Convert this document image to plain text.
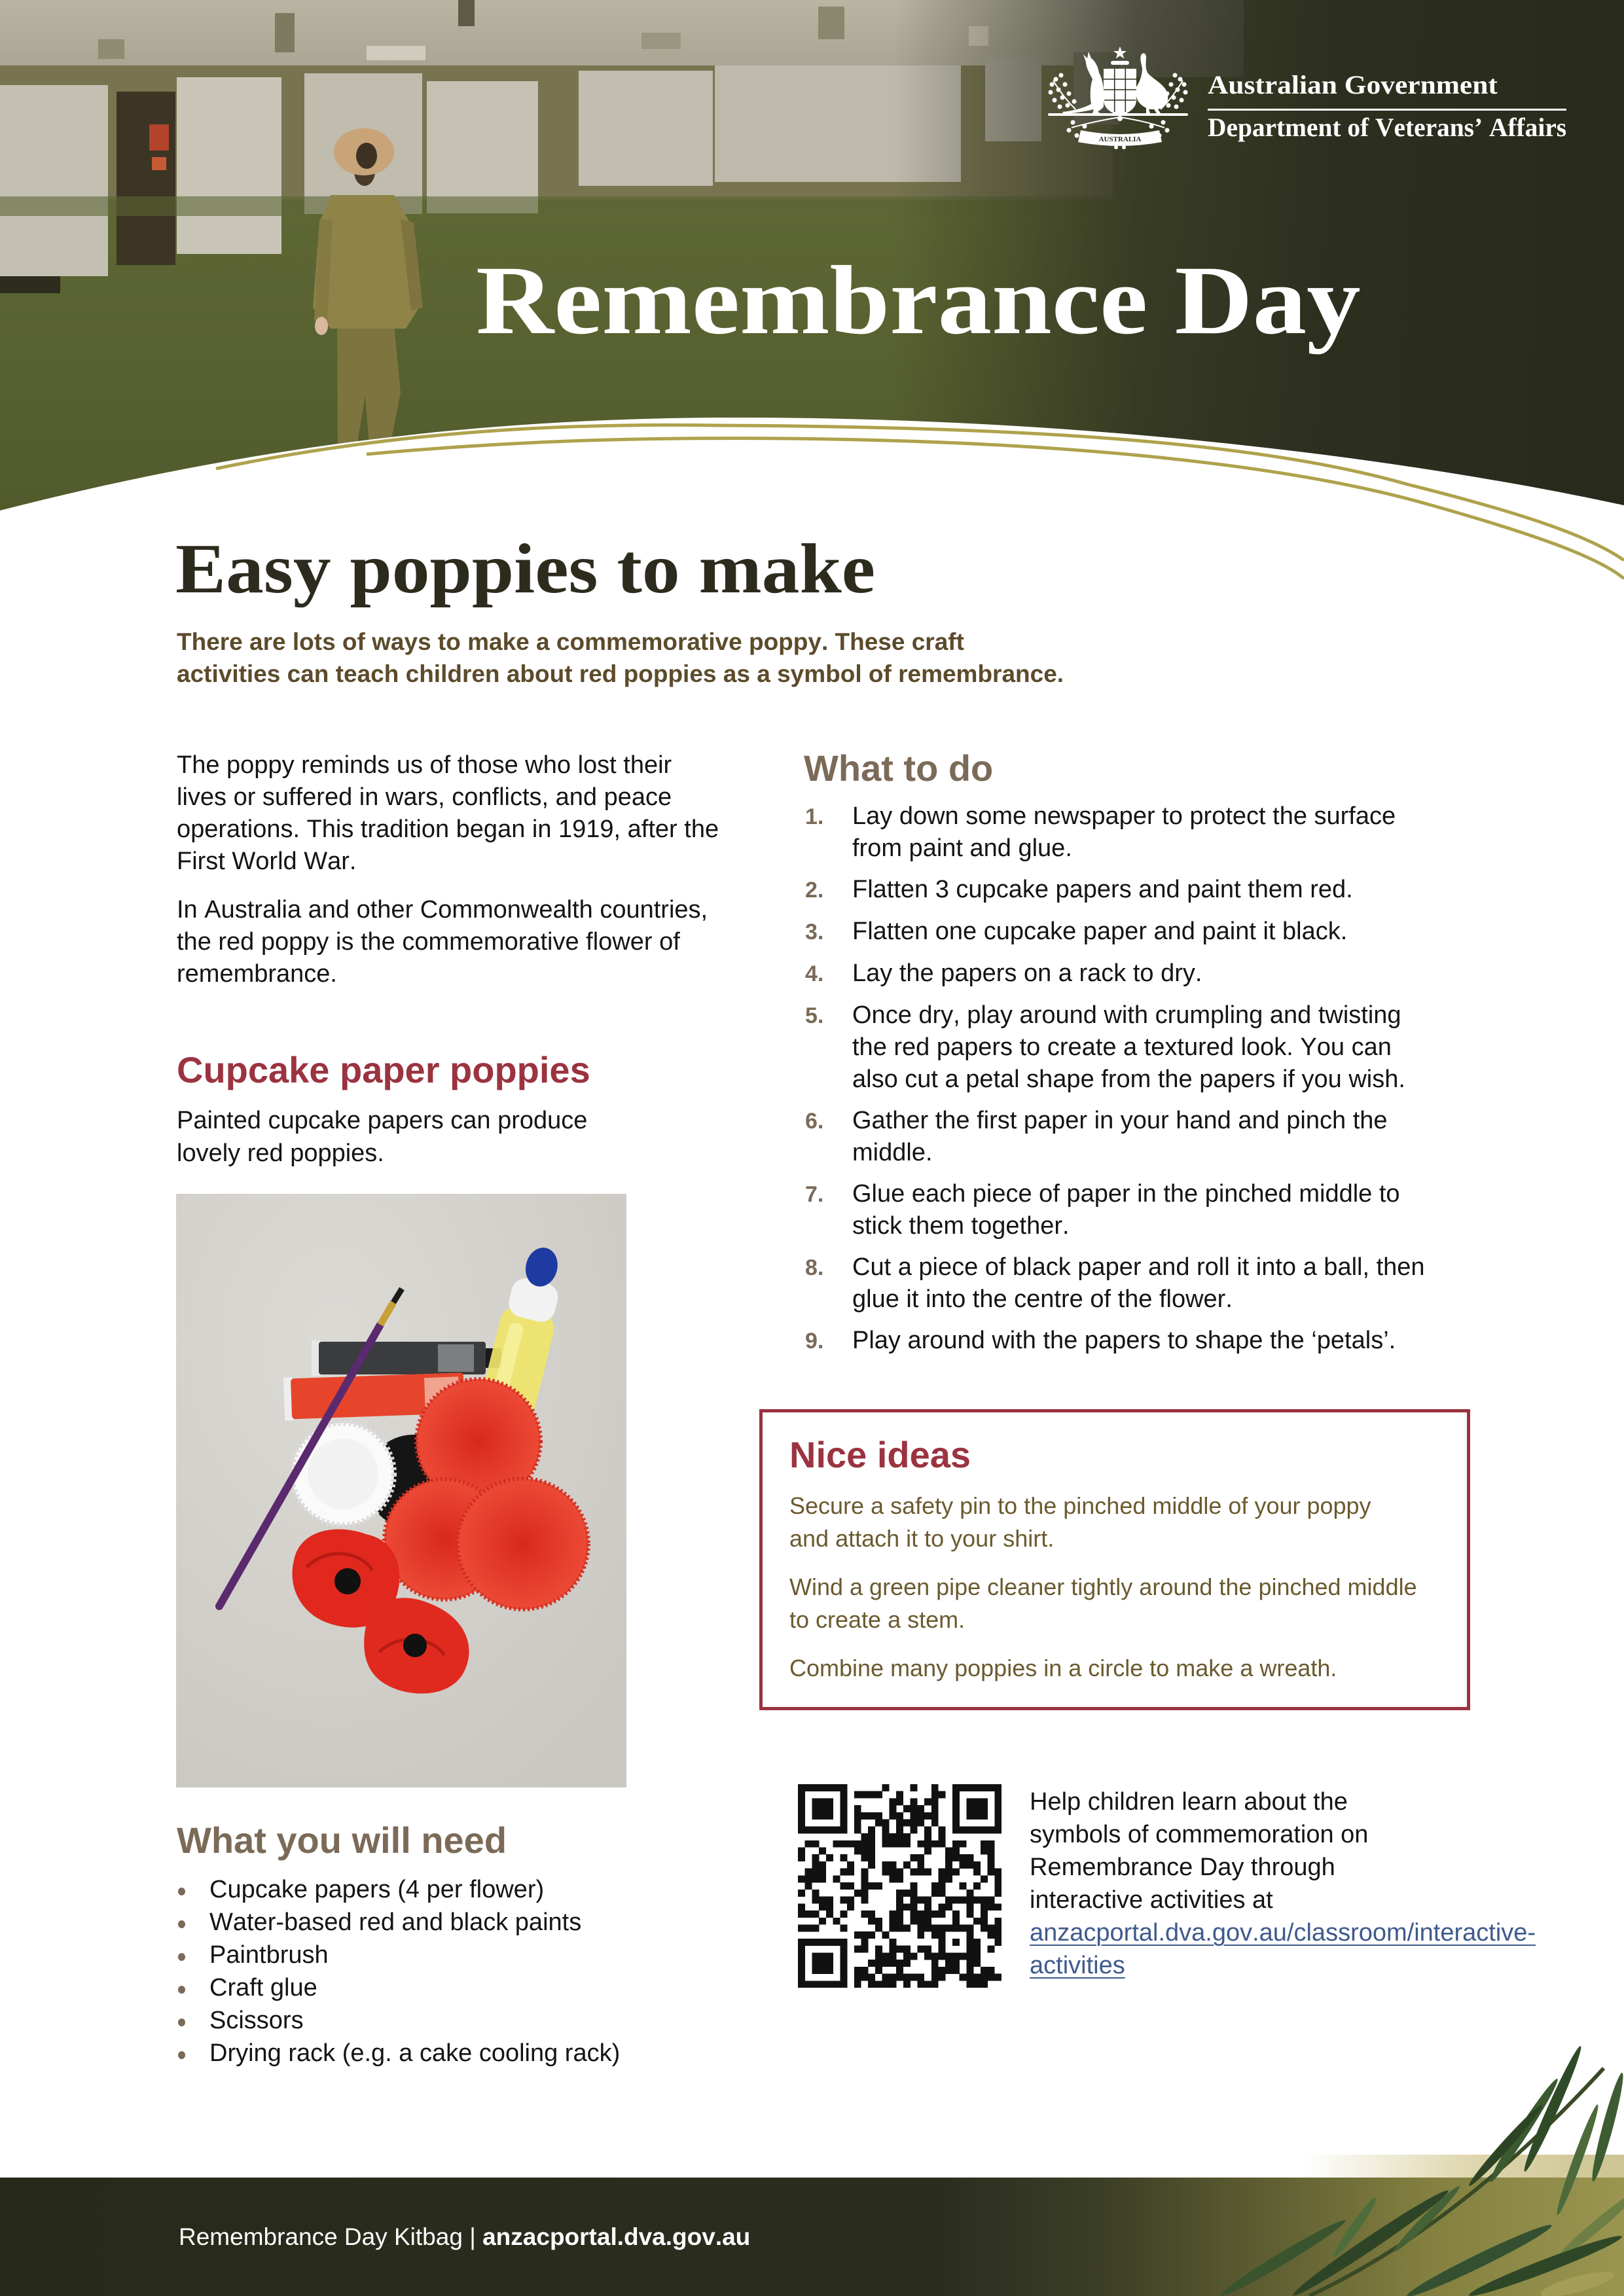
AUSTRALIA
Australian Government
Department of Veterans’ Affairs
Remembrance Day
Easy poppies to make

There are lots of ways to make a commemorative poppy. These craft activities can teach children about red poppies as a symbol of remembrance.

The poppy reminds us of those who lost their lives or suffered in wars, conflicts, and peace operations. This tradition began in 1919, after the First World War.

In Australia and other Commonwealth countries, the red poppy is the commemorative flower of remembrance.

Cupcake paper poppies

Painted cupcake papers can produce lovely red poppies.

What you will need
Cupcake papers (4 per flower)
Water-based red and black paints
Paintbrush
Craft glue
Scissors
Drying rack (e.g. a cake cooling rack)
What to do
1.	Lay down some newspaper to protect the surface from paint and glue.
2.	Flatten 3 cupcake papers and paint them red.
3.	Flatten one cupcake paper and paint it black.
4.	Lay the papers on a rack to dry.
5.	Once dry, play around with crumpling and twisting the red papers to create a textured look. You can also cut a petal shape from the papers if you wish.
6.	Gather the first paper in your hand and pinch the middle.
7.	Glue each piece of paper in the pinched middle to stick them together.
8.	Cut a piece of black paper and roll it into a ball, then glue it into the centre of the flower.
9.	Play around with the papers to shape the ‘petals’.
Nice ideas

Secure a safety pin to the pinched middle of your poppy and attach it to your shirt.

Wind a green pipe cleaner tightly around the pinched middle to create a stem.

Combine many poppies in a circle to make a wreath.

Help children learn about the symbols of commemoration on Remembrance Day through interactive activities at anzacportal.dva.gov.au/classroom/interactive-activities

Remembrance Day Kitbag | anzacportal.dva.gov.au
